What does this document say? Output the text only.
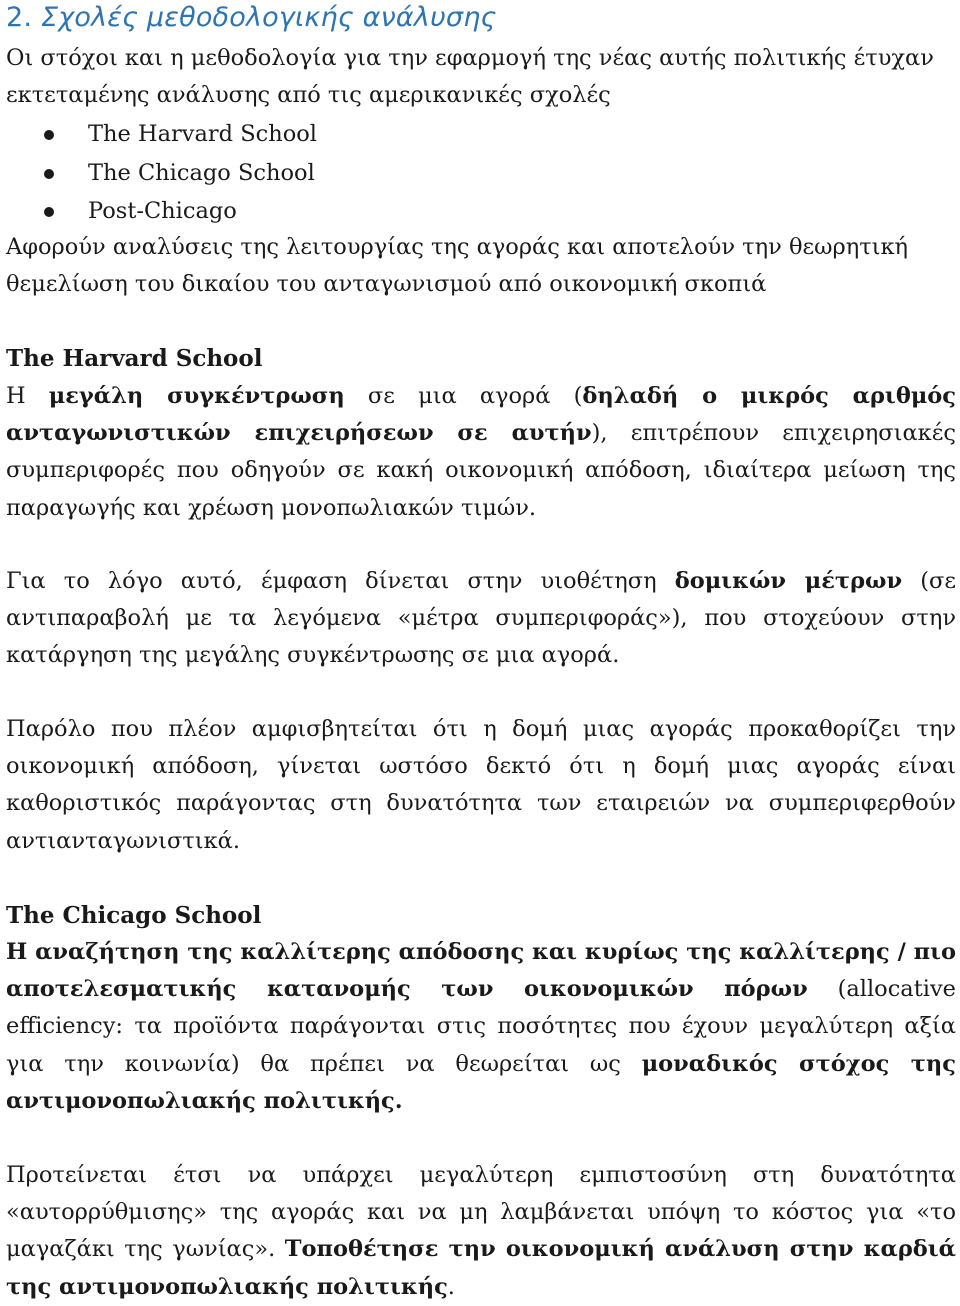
2. Σχολές μεθοδολογικής ανάλυσης
Οι στόχοι και η μεθοδολογία για την εφαρμογή της νέας αυτής πολιτικής έτυχαν εκτεταμένης ανάλυσης από τις αμερικανικές σχολές
The Harvard School
The Chicago School
Post-Chicago
Αφορούν αναλύσεις της λειτουργίας της αγοράς και αποτελούν την θεωρητική θεμελίωση του δικαίου του ανταγωνισμού από οικονομική σκοπιά
The Harvard School
Η μεγάλη συγκέντρωση σε μια αγορά (δηλαδή ο μικρός αριθμός ανταγωνιστικών επιχειρήσεων σε αυτήν), επιτρέπουν επιχειρησιακές συμπεριφορές που οδηγούν σε κακή οικονομική απόδοση, ιδιαίτερα μείωση της παραγωγής και χρέωση μονοπωλιακών τιμών.
Για το λόγο αυτό, έμφαση δίνεται στην υιοθέτηση δομικών μέτρων (σε αντιπαραβολή με τα λεγόμενα «μέτρα συμπεριφοράς»), που στοχεύουν στην κατάργηση της μεγάλης συγκέντρωσης σε μια αγορά.
Παρόλο που πλέον αμφισβητείται ότι η δομή μιας αγοράς προκαθορίζει την οικονομική απόδοση, γίνεται ωστόσο δεκτό ότι η δομή μιας αγοράς είναι καθοριστικός παράγοντας στη δυνατότητα των εταιρειών να συμπεριφερθούν αντιανταγωνιστικά.
The Chicago School
Η αναζήτηση της καλλίτερης απόδοσης και κυρίως της καλλίτερης / πιο αποτελεσματικής κατανομής των οικονομικών πόρων (allocative efficiency: τα προϊόντα παράγονται στις ποσότητες που έχουν μεγαλύτερη αξία για την κοινωνία) θα πρέπει να θεωρείται ως μοναδικός στόχος της αντιμονοπωλιακής πολιτικής.
Προτείνεται έτσι να υπάρχει μεγαλύτερη εμπιστοσύνη στη δυνατότητα «αυτορρύθμισης» της αγοράς και να μη λαμβάνεται υπόψη το κόστος για «το μαγαζάκι της γωνίας». Τοποθέτησε την οικονομική ανάλυση στην καρδιά της αντιμονοπωλιακής πολιτικής.
